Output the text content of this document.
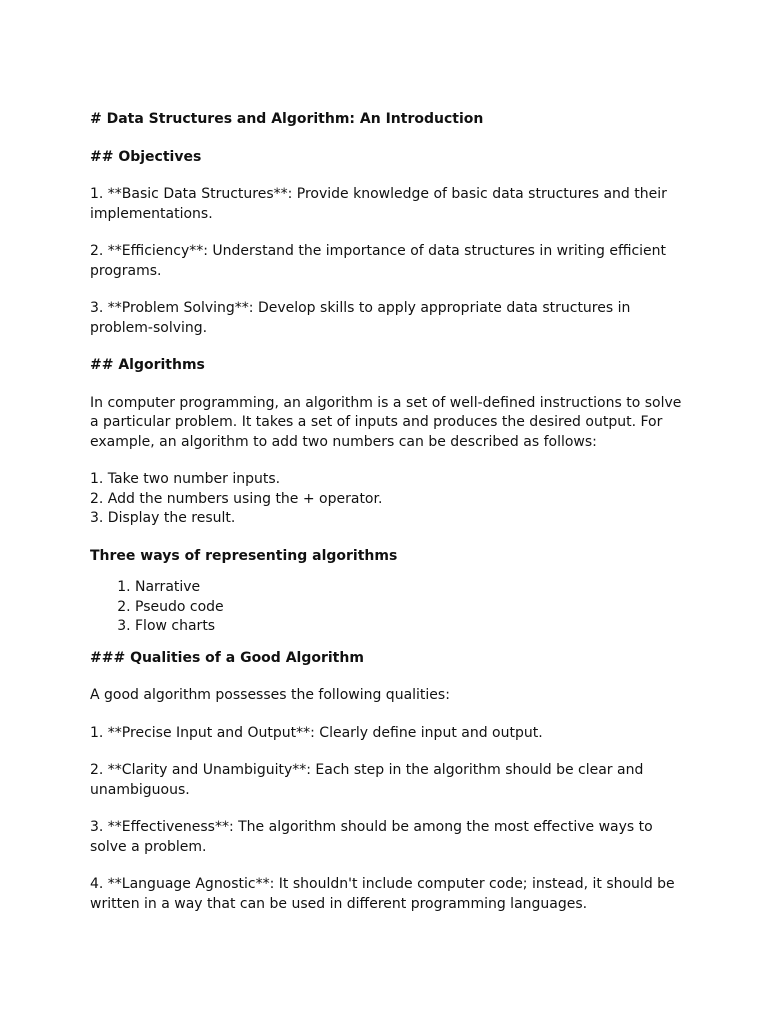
# Data Structures and Algorithm: An Introduction

## Objectives

1. **Basic Data Structures**: Provide knowledge of basic data structures and their implementations.

2. **Efficiency**: Understand the importance of data structures in writing efficient programs.

3. **Problem Solving**: Develop skills to apply appropriate data structures in problem-solving.

## Algorithms

In computer programming, an algorithm is a set of well-defined instructions to solve a particular problem. It takes a set of inputs and produces the desired output. For example, an algorithm to add two numbers can be described as follows:

1. Take two number inputs.
2. Add the numbers using the + operator.
3. Display the result.

Three ways of representing algorithms

1. Narrative
2. Pseudo code
3. Flow charts

### Qualities of a Good Algorithm

A good algorithm possesses the following qualities:

1. **Precise Input and Output**: Clearly define input and output.

2. **Clarity and Unambiguity**: Each step in the algorithm should be clear and unambiguous.

3. **Effectiveness**: The algorithm should be among the most effective ways to solve a problem.

4. **Language Agnostic**: It shouldn't include computer code; instead, it should be written in a way that can be used in different programming languages.
